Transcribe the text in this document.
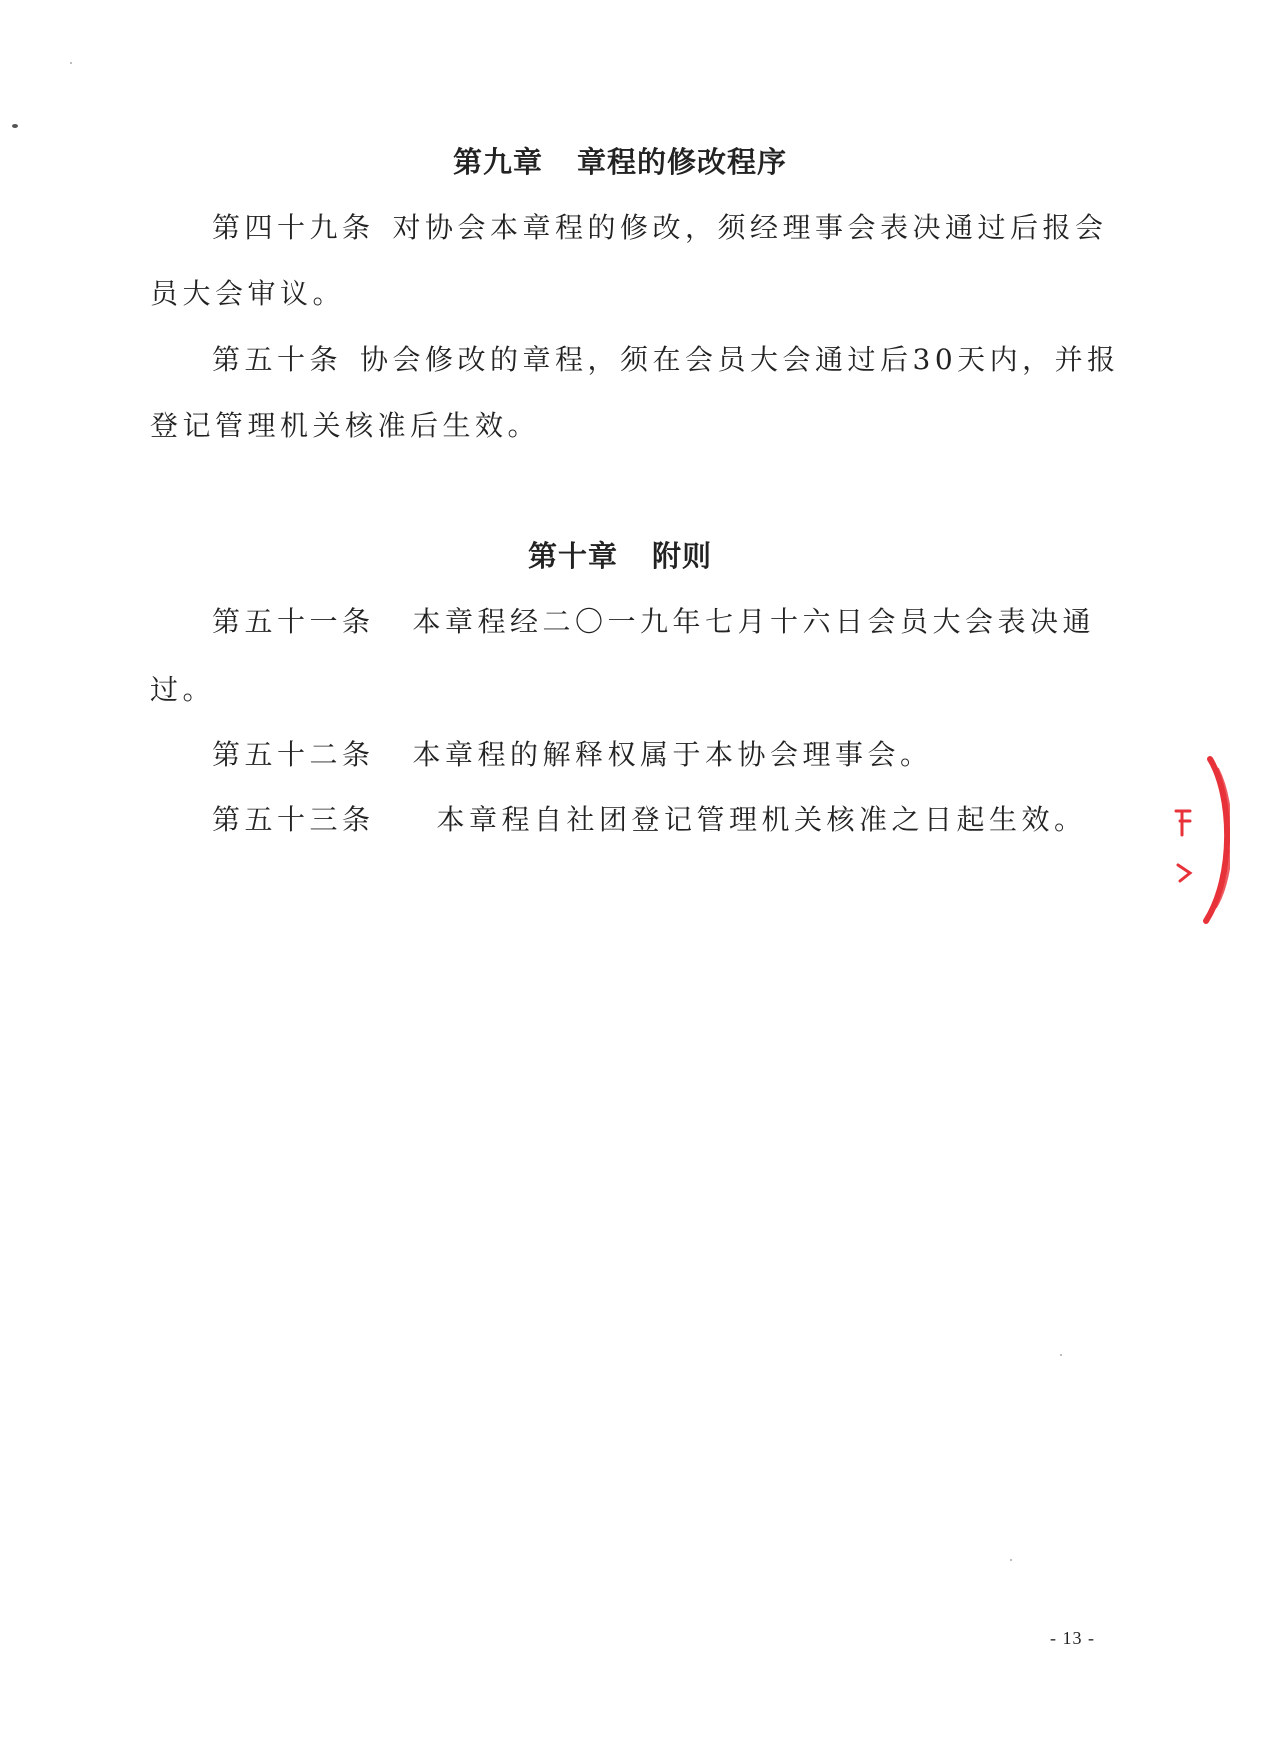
第九章 章程的修改程序
第四十九条 对协会本章程的修改，须经理事会表决通过后报会
员大会审议。
第五十条 协会修改的章程，须在会员大会通过后30天内，并报
登记管理机关核准后生效。
第十章 附则
第五十一条 本章程经二〇一九年七月十六日会员大会表决通
过。
第五十二条 本章程的解释权属于本协会理事会。
第五十三条 本章程自社团登记管理机关核准之日起生效。
- 13 -
